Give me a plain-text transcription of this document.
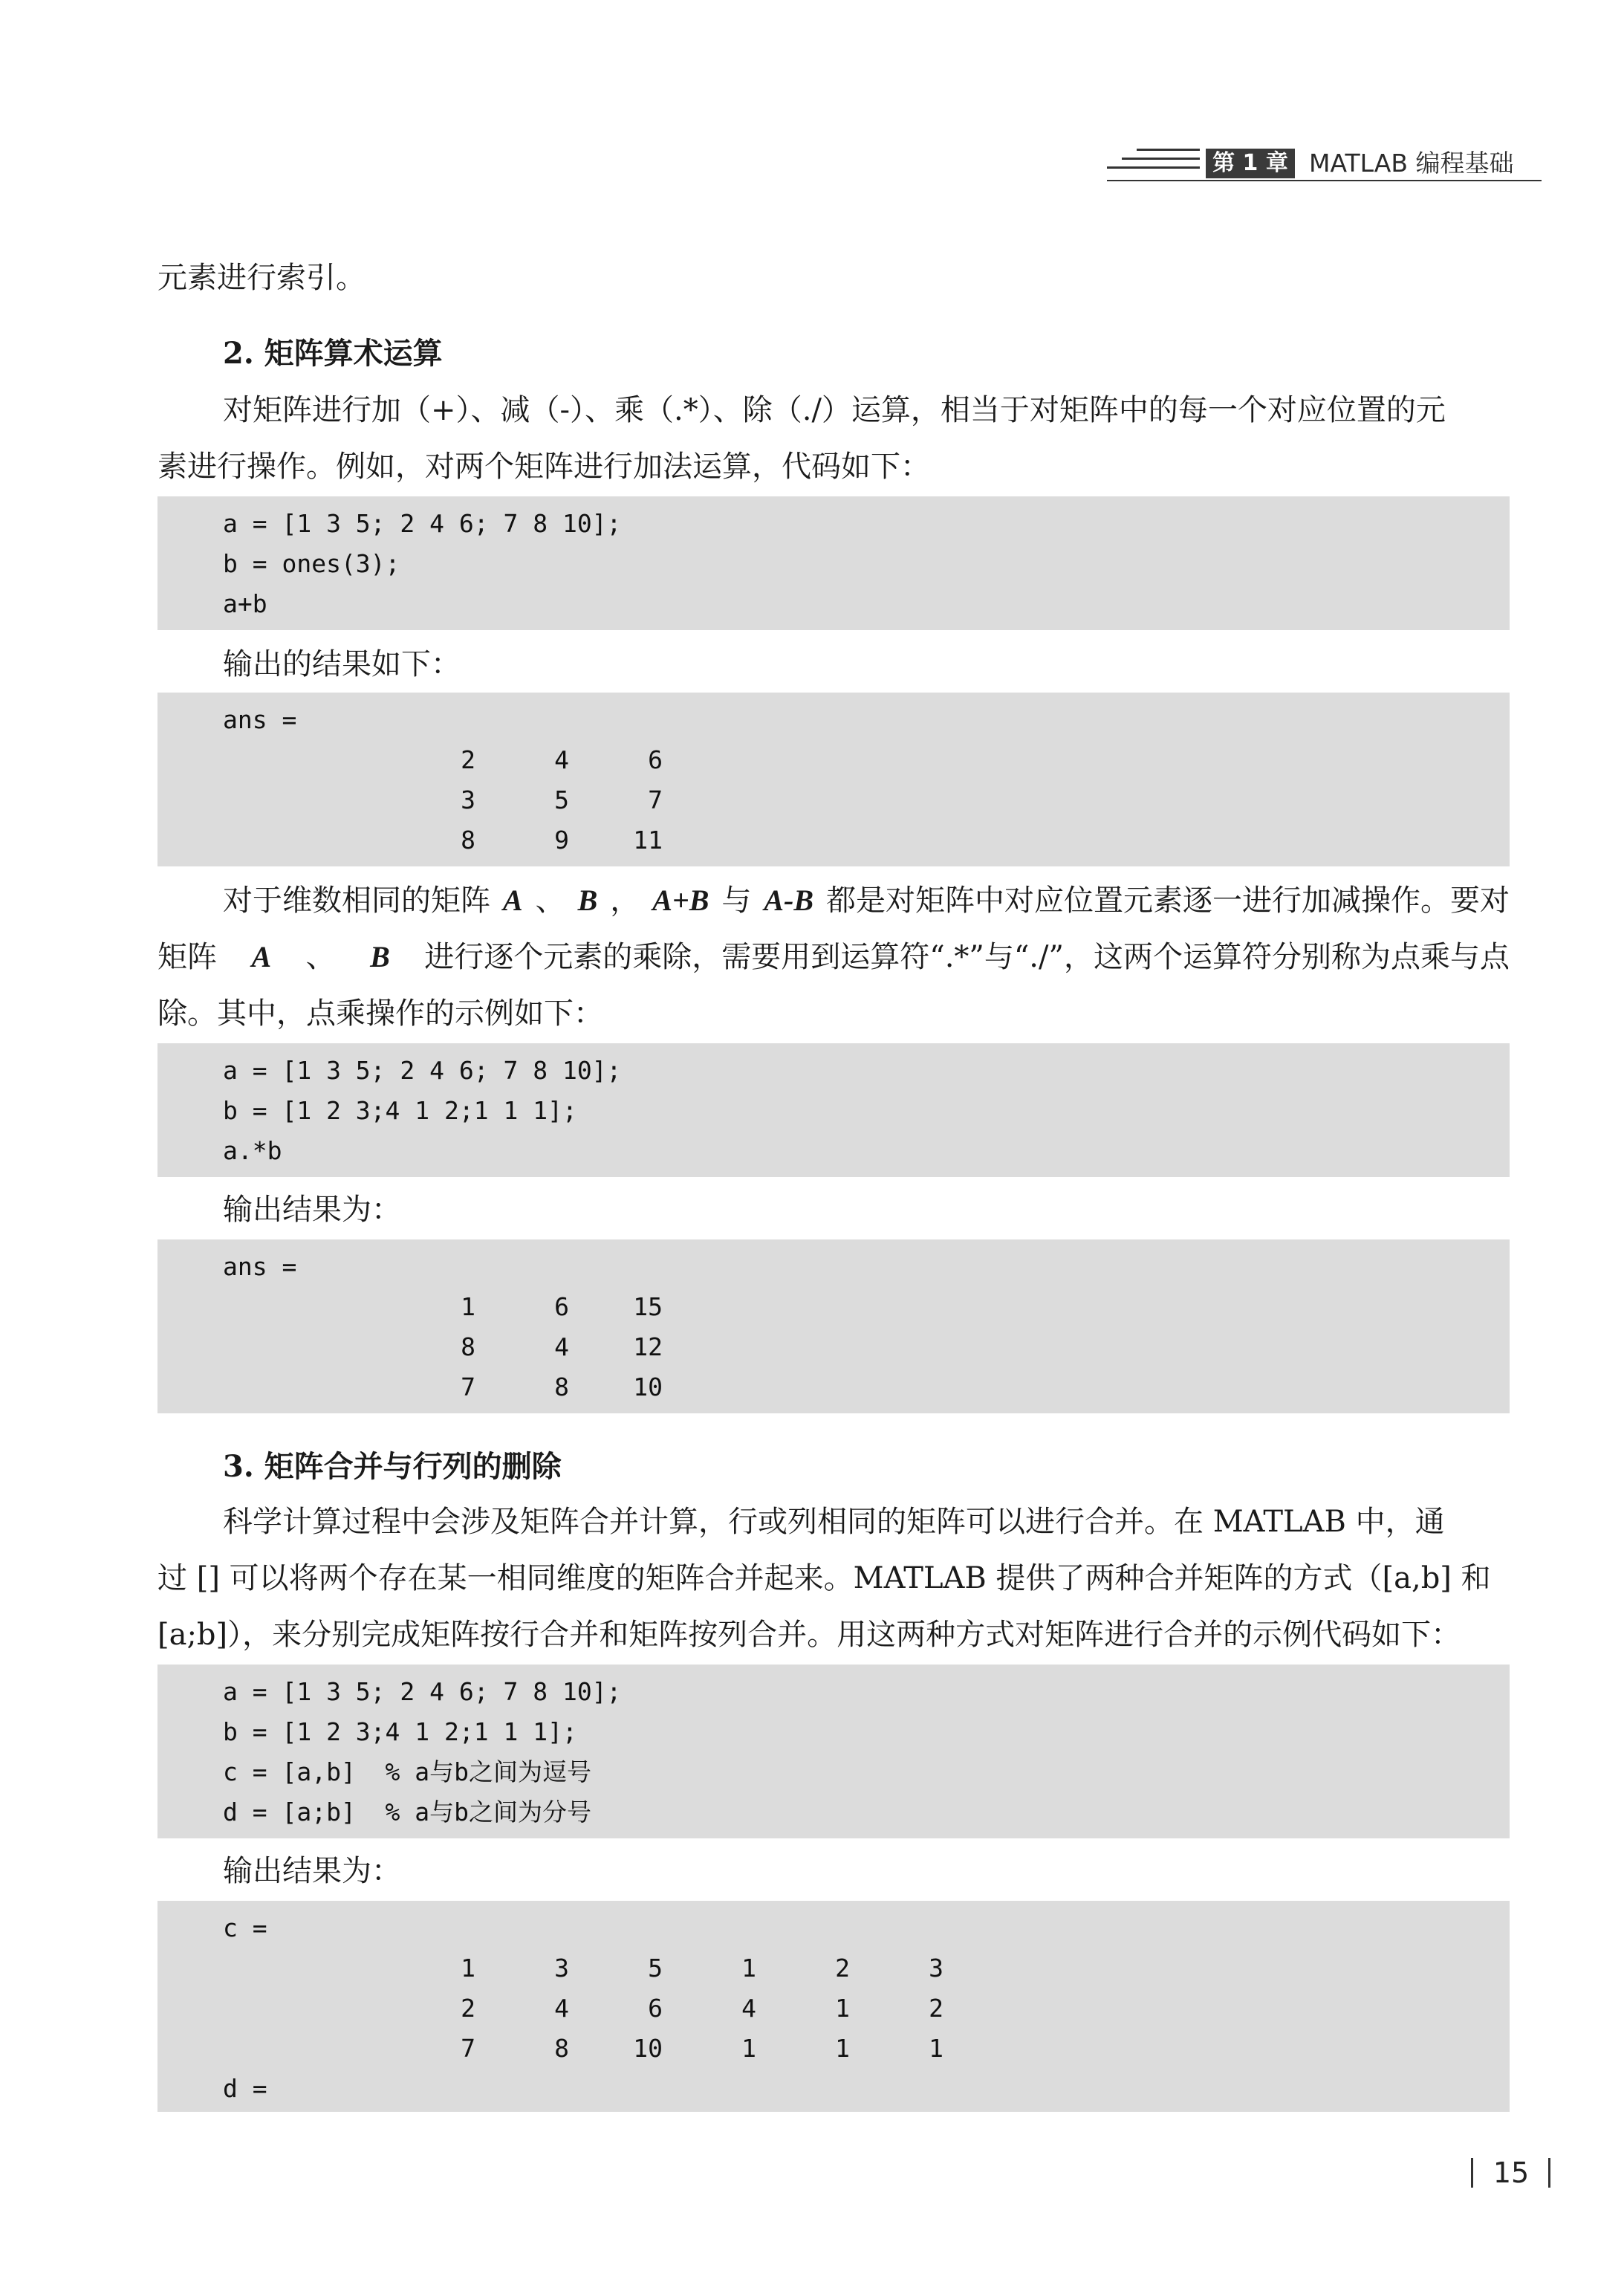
第 1 章 MATLAB 编程基础
元素进行索引。
2. 矩阵算术运算
对矩阵进行加（+）、减（-）、乘（.*）、除（./）运算，相当于对矩阵中的每一个对应位置的元
素进行操作。例如，对两个矩阵进行加法运算，代码如下：
a = [1 3 5; 2 4 6; 7 8 10];
b = ones(3);
a+b
输出的结果如下：
ans =
2	4	6
3	5	7
8	9	11
对于维数相同的矩阵 A 、 B ， A+B 与 A-B 都是对矩阵中对应位置元素逐一进行加减操作。要对
矩阵 A 、 B 进行逐个元素的乘除，需要用到运算符“.*”与“./”，这两个运算符分别称为点乘与点
除。其中，点乘操作的示例如下：
a = [1 3 5; 2 4 6; 7 8 10];
b = [1 2 3;4 1 2;1 1 1];
a.*b
输出结果为：
ans =
1	6	15
8	4	12
7	8	10
3. 矩阵合并与行列的删除
科学计算过程中会涉及矩阵合并计算，行或列相同的矩阵可以进行合并。在 MATLAB 中，通
过 [] 可以将两个存在某一相同维度的矩阵合并起来。MATLAB 提供了两种合并矩阵的方式（[a,b] 和
[a;b]），来分别完成矩阵按行合并和矩阵按列合并。用这两种方式对矩阵进行合并的示例代码如下：
a = [1 3 5; 2 4 6; 7 8 10];
b = [1 2 3;4 1 2;1 1 1];
c = [a,b]  % a与b之间为逗号
d = [a;b]  % a与b之间为分号
输出结果为：
c =
1	3	5	1	2	3
2	4	6	4	1	2
7	8	10	1	1	1
d =
15
